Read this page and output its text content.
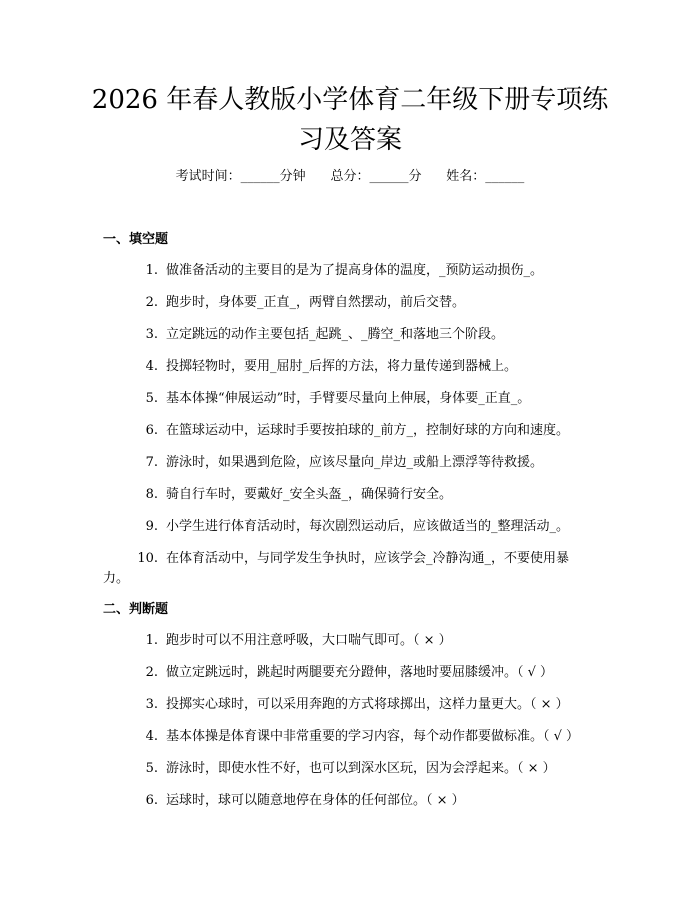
2026 年春人教版小学体育二年级下册专项练
习及答案
考试时间：______分钟 总分：______分 姓名：______
一、填空题
1. 做准备活动的主要目的是为了提高身体的温度，_预防运动损伤_。
2. 跑步时，身体要_正直_，两臂自然摆动，前后交替。
3. 立定跳远的动作主要包括_起跳_、_腾空_和落地三个阶段。
4. 投掷轻物时，要用_屈肘_后挥的方法，将力量传递到器械上。
5. 基本体操“伸展运动”时，手臂要尽量向上伸展，身体要_正直_。
6. 在篮球运动中，运球时手要按拍球的_前方_，控制好球的方向和速度。
7. 游泳时，如果遇到危险，应该尽量向_岸边_或船上漂浮等待救援。
8. 骑自行车时，要戴好_安全头盔_，确保骑行安全。
9. 小学生进行体育活动时，每次剧烈运动后，应该做适当的_整理活动_。
10. 在体育活动中，与同学发生争执时，应该学会_冷静沟通_，不要使用暴
力。
二、判断题
1. 跑步时可以不用注意呼吸，大口喘气即可。（ × ）
2. 做立定跳远时，跳起时两腿要充分蹬伸，落地时要屈膝缓冲。（ √ ）
3. 投掷实心球时，可以采用奔跑的方式将球掷出，这样力量更大。（ × ）
4. 基本体操是体育课中非常重要的学习内容，每个动作都要做标准。（ √ ）
5. 游泳时，即使水性不好，也可以到深水区玩，因为会浮起来。（ × ）
6. 运球时，球可以随意地停在身体的任何部位。（ × ）
